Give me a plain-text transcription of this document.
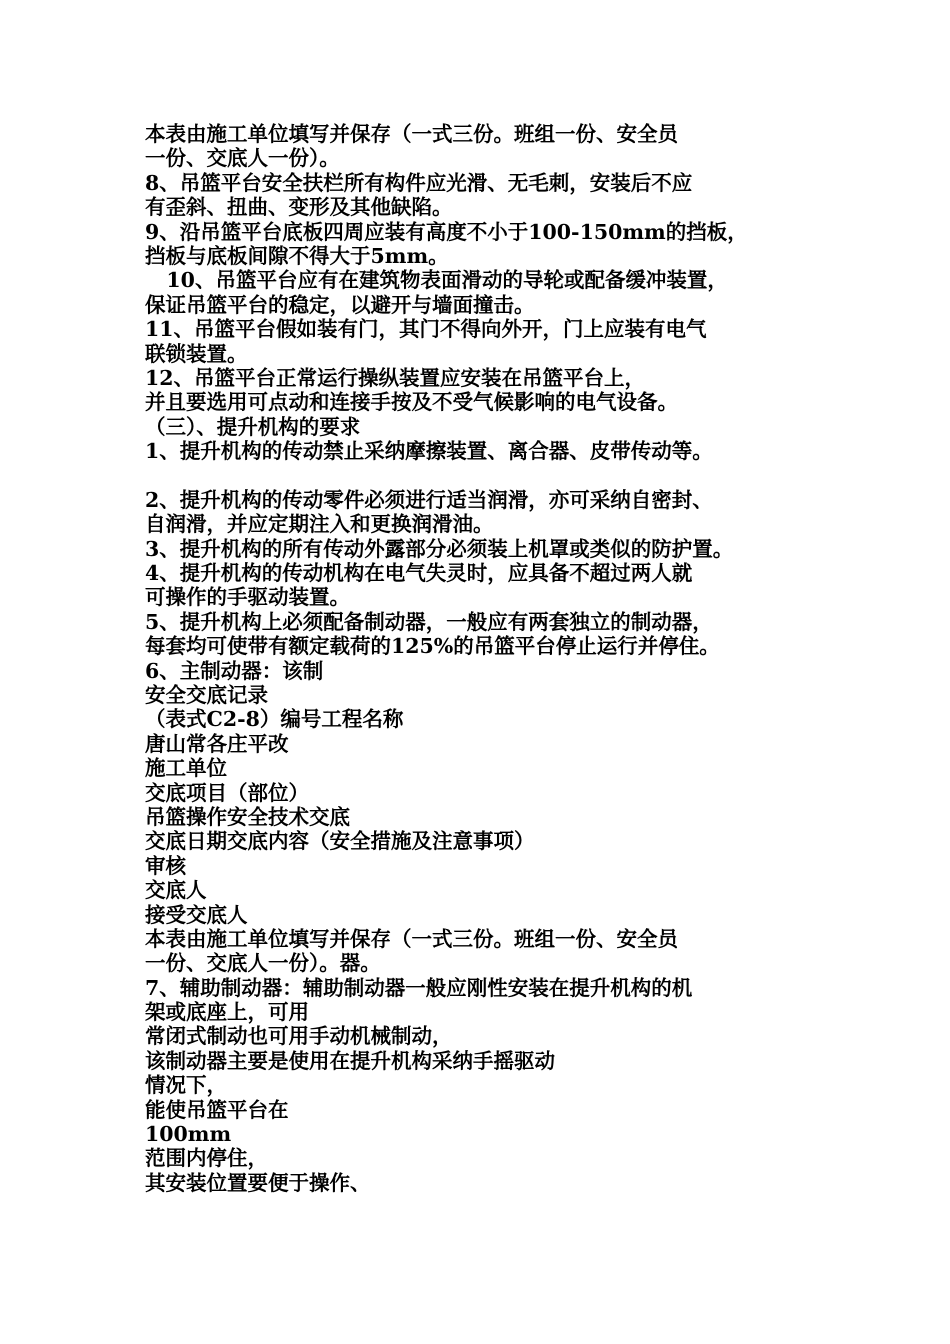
本表由施工单位填写并保存（一式三份。班组一份、安全员
一份、交底人一份）。
8、吊篮平台安全扶栏所有构件应光滑、无毛刺，安装后不应
有歪斜、扭曲、变形及其他缺陷。
9、沿吊篮平台底板四周应装有高度不小于100-150mm的挡板，
挡板与底板间隙不得大于5mm。
10、吊篮平台应有在建筑物表面滑动的导轮或配备缓冲装置，
保证吊篮平台的稳定，以避开与墙面撞击。
11、吊篮平台假如装有门，其门不得向外开，门上应装有电气
联锁装置。
12、吊篮平台正常运行操纵装置应安装在吊篮平台上，
并且要选用可点动和连接手按及不受气候影响的电气设备。
（三）、提升机构的要求
1、提升机构的传动禁止采纳摩擦装置、离合器、皮带传动等。
2、提升机构的传动零件必须进行适当润滑，亦可采纳自密封、
自润滑，并应定期注入和更换润滑油。
3、提升机构的所有传动外露部分必须装上机罩或类似的防护置。
4、提升机构的传动机构在电气失灵时，应具备不超过两人就
可操作的手驱动装置。
5、提升机构上必须配备制动器，一般应有两套独立的制动器，
每套均可使带有额定载荷的125%的吊篮平台停止运行并停住。
6、主制动器：该制
安全交底记录
（表式C2-8）编号工程名称
唐山常各庄平改
施工单位
交底项目（部位）
吊篮操作安全技术交底
交底日期交底内容（安全措施及注意事项）
审核
交底人
接受交底人
本表由施工单位填写并保存（一式三份。班组一份、安全员
一份、交底人一份）。器。
7、辅助制动器：辅助制动器一般应刚性安装在提升机构的机
架或底座上，可用
常闭式制动也可用手动机械制动，
该制动器主要是使用在提升机构采纳手摇驱动
情况下，
能使吊篮平台在
100mm
范围内停住，
其安装位置要便于操作、
